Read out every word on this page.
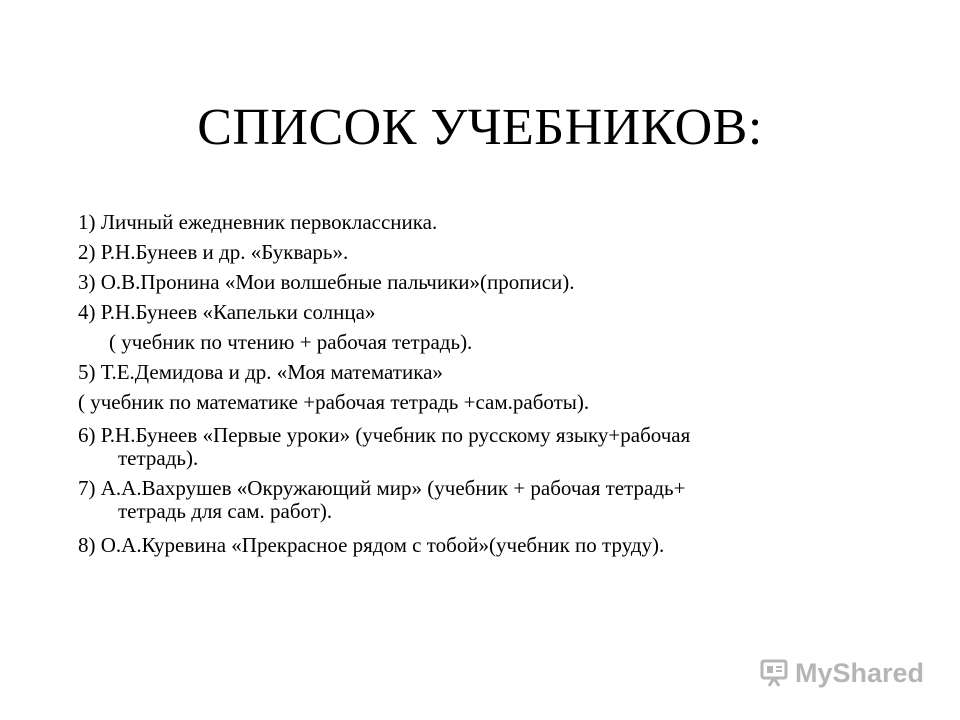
СПИСОК УЧЕБНИКОВ:
1) Личный ежедневник первоклассника.
2) Р.Н.Бунеев и др. «Букварь».
3) О.В.Пронина «Мои волшебные пальчики»(прописи).
4) Р.Н.Бунеев «Капельки солнца»
( учебник по чтению + рабочая тетрадь).
5) Т.Е.Демидова и др. «Моя математика»
( учебник по математике +рабочая тетрадь +сам.работы).
6) Р.Н.Бунеев «Первые уроки» (учебник по русскому языку+рабочая
тетрадь).
7) А.А.Вахрушев «Окружающий мир» (учебник + рабочая тетрадь+
тетрадь для сам. работ).
8) О.А.Куревина «Прекрасное рядом с тобой»(учебник по труду).
MyShared
